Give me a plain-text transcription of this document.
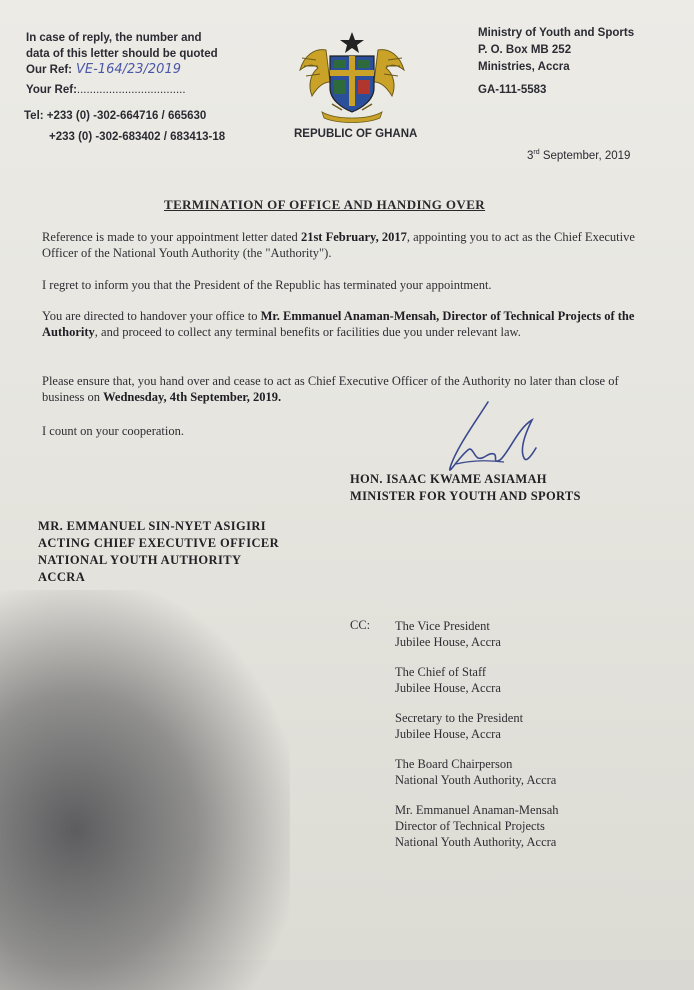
In case of reply, the number and
data of this letter should be quoted
Our Ref: VE-164/23/2019
Your Ref:..................................
Tel: +233 (0) -302-664716 / 665630
+233 (0) -302-683402 / 683413-18	REPUBLIC OF GHANA
Ministry of Youth and Sports
P. O. Box MB 252
Ministries, Accra
GA-111-5583
3rd September, 2019
TERMINATION OF OFFICE AND HANDING OVER
Reference is made to your appointment letter dated 21st February, 2017, appointing you to act as the Chief Executive Officer of the National Youth Authority (the "Authority").
I regret to inform you that the President of the Republic has terminated your appointment.
You are directed to handover your office to Mr. Emmanuel Anaman-Mensah, Director of Technical Projects of the Authority, and proceed to collect any terminal benefits or facilities due you under relevant law.
Please ensure that, you hand over and cease to act as Chief Executive Officer of the Authority no later than close of business on Wednesday, 4th September, 2019.
I count on your cooperation.
HON. ISAAC KWAME ASIAMAH
MINISTER FOR YOUTH AND SPORTS
MR. EMMANUEL SIN-NYET ASIGIRI
ACTING CHIEF EXECUTIVE OFFICER
NATIONAL YOUTH AUTHORITY
ACCRA
CC: The Vice President
Jubilee House, Accra
The Chief of Staff
Jubilee House, Accra
Secretary to the President
Jubilee House, Accra
The Board Chairperson
National Youth Authority, Accra
Mr. Emmanuel Anaman-Mensah
Director of Technical Projects
National Youth Authority, Accra
